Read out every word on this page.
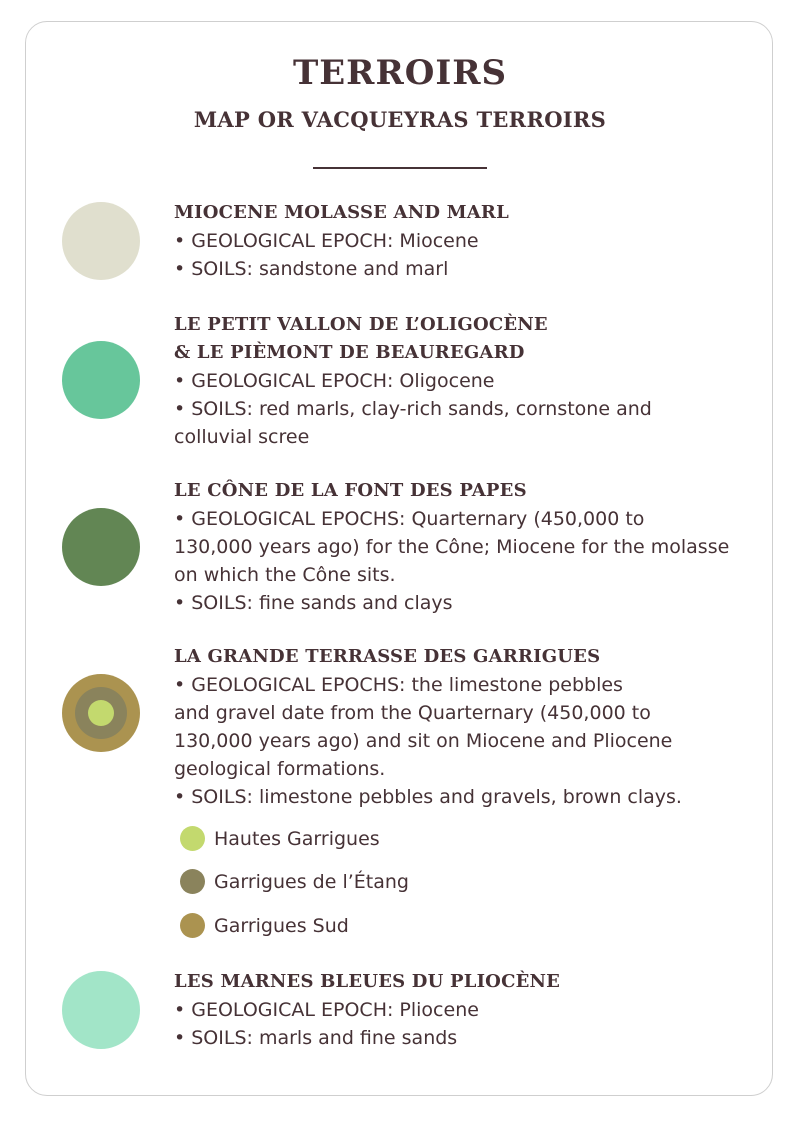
TERROIRS
MAP OR VACQUEYRAS TERROIRS
MIOCENE MOLASSE AND MARL
• GEOLOGICAL EPOCH: Miocene
• SOILS: sandstone and marl
LE PETIT VALLON DE L’OLIGOCÈNE
& LE PIÈMONT DE BEAUREGARD
• GEOLOGICAL EPOCH: Oligocene
• SOILS: red marls, clay-rich sands, cornstone and
colluvial scree
LE CÔNE DE LA FONT DES PAPES
• GEOLOGICAL EPOCHS: Quarternary (450,000 to
130,000 years ago) for the Cône; Miocene for the molasse
on which the Cône sits.
• SOILS: fine sands and clays
LA GRANDE TERRASSE DES GARRIGUES
• GEOLOGICAL EPOCHS: the limestone pebbles
and gravel date from the Quarternary (450,000 to
130,000 years ago) and sit on Miocene and Pliocene
geological formations.
• SOILS: limestone pebbles and gravels, brown clays.
Hautes Garrigues
Garrigues de l’Étang
Garrigues Sud
LES MARNES BLEUES DU PLIOCÈNE
• GEOLOGICAL EPOCH: Pliocene
• SOILS: marls and fine sands
